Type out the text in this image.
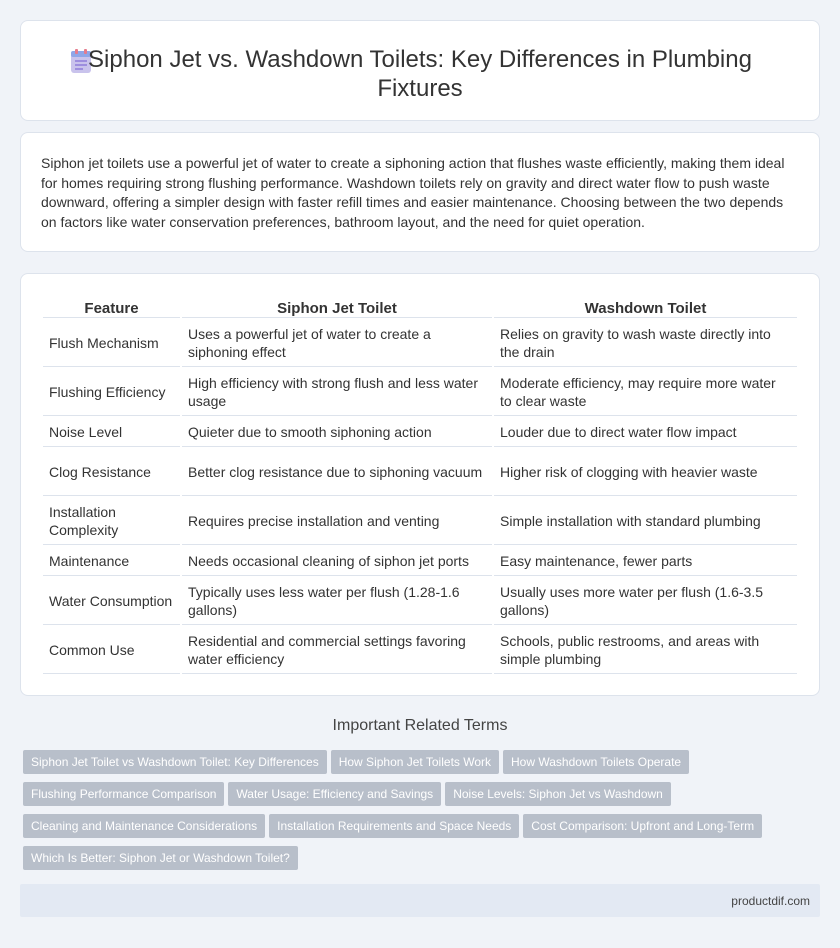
Siphon Jet vs. Washdown Toilets: Key Differences in Plumbing Fixtures

Siphon jet toilets use a powerful jet of water to create a siphoning action that flushes waste efficiently, making them ideal for homes requiring strong flushing performance. Washdown toilets rely on gravity and direct water flow to push waste downward, offering a simpler design with faster refill times and easier maintenance. Choosing between the two depends on factors like water conservation preferences, bathroom layout, and the need for quiet operation.

Feature	Siphon Jet Toilet	Washdown Toilet
Flush Mechanism	Uses a powerful jet of water to create a siphoning effect	Relies on gravity to wash waste directly into the drain
Flushing Efficiency	High efficiency with strong flush and less water usage	Moderate efficiency, may require more water to clear waste
Noise Level	Quieter due to smooth siphoning action	Louder due to direct water flow impact
Clog Resistance	Better clog resistance due to siphoning vacuum	Higher risk of clogging with heavier waste
Installation Complexity	Requires precise installation and venting	Simple installation with standard plumbing
Maintenance	Needs occasional cleaning of siphon jet ports	Easy maintenance, fewer parts
Water Consumption	Typically uses less water per flush (1.28-1.6 gallons)	Usually uses more water per flush (1.6-3.5 gallons)
Common Use	Residential and commercial settings favoring water efficiency	Schools, public restrooms, and areas with simple plumbing
Important Related Terms
Siphon Jet Toilet vs Washdown Toilet: Key Differences How Siphon Jet Toilets Work How Washdown Toilets Operate
Flushing Performance Comparison Water Usage: Efficiency and Savings Noise Levels: Siphon Jet vs Washdown
Cleaning and Maintenance Considerations Installation Requirements and Space Needs Cost Comparison: Upfront and Long-Term
Which Is Better: Siphon Jet or Washdown Toilet?
productdif.com
